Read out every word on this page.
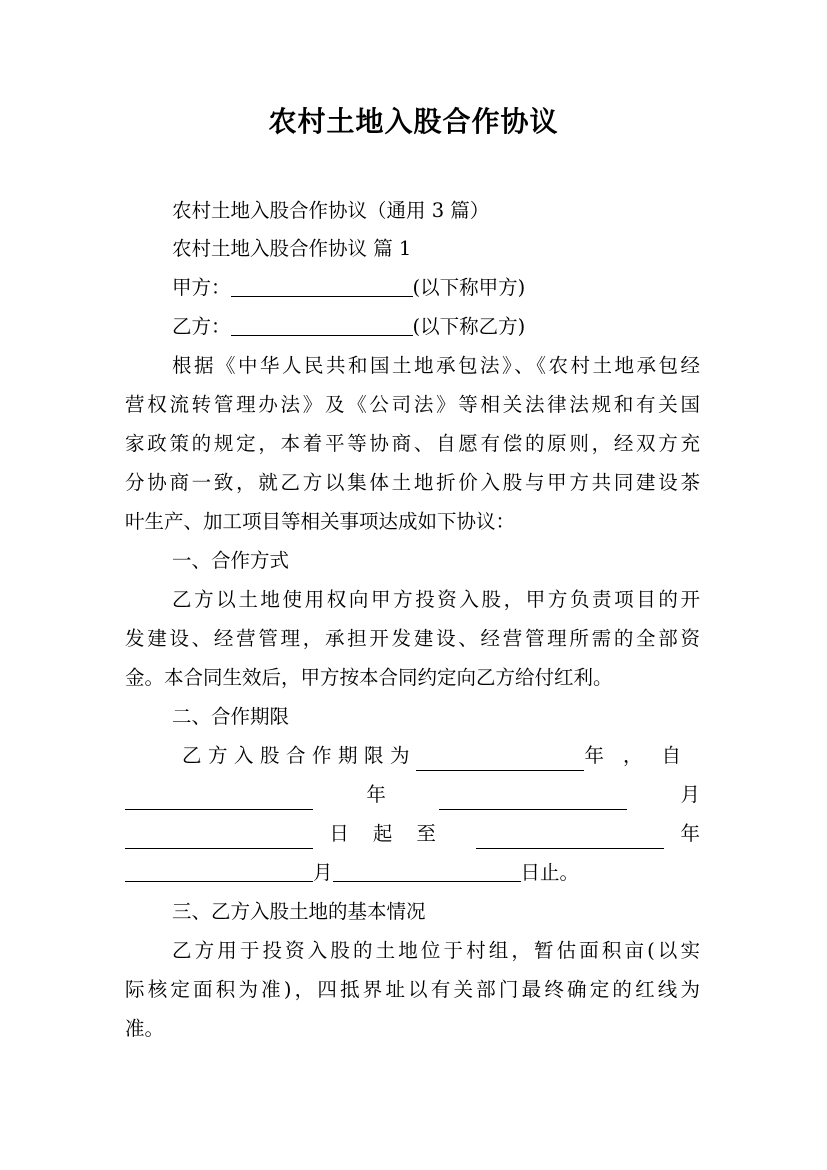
农村土地入股合作协议
农村土地入股合作协议（通用 3 篇）
农村土地入股合作协议 篇 1
甲方：	(以下称甲方)
乙方：	(以下称乙方)
根据《中华人民共和国土地承包法》、《农村土地承包经
营权流转管理办法》及《公司法》等相关法律法规和有关国
家政策的规定，本着平等协商、自愿有偿的原则，经双方充
分协商一致，就乙方以集体土地折价入股与甲方共同建设茶
叶生产、加工项目等相关事项达成如下协议：
一、合作方式
乙方以土地使用权向甲方投资入股，甲方负责项目的开
发建设、经营管理，承担开发建设、经营管理所需的全部资
金。本合同生效后，甲方按本合同约定向乙方给付红利。
二、合作期限
乙方入股合作期限为	年，自
年	月
日起至	年
月	日止。
三、乙方入股土地的基本情况
乙方用于投资入股的土地位于村组，暂估面积亩(以实
际核定面积为准)，四抵界址以有关部门最终确定的红线为
准。
